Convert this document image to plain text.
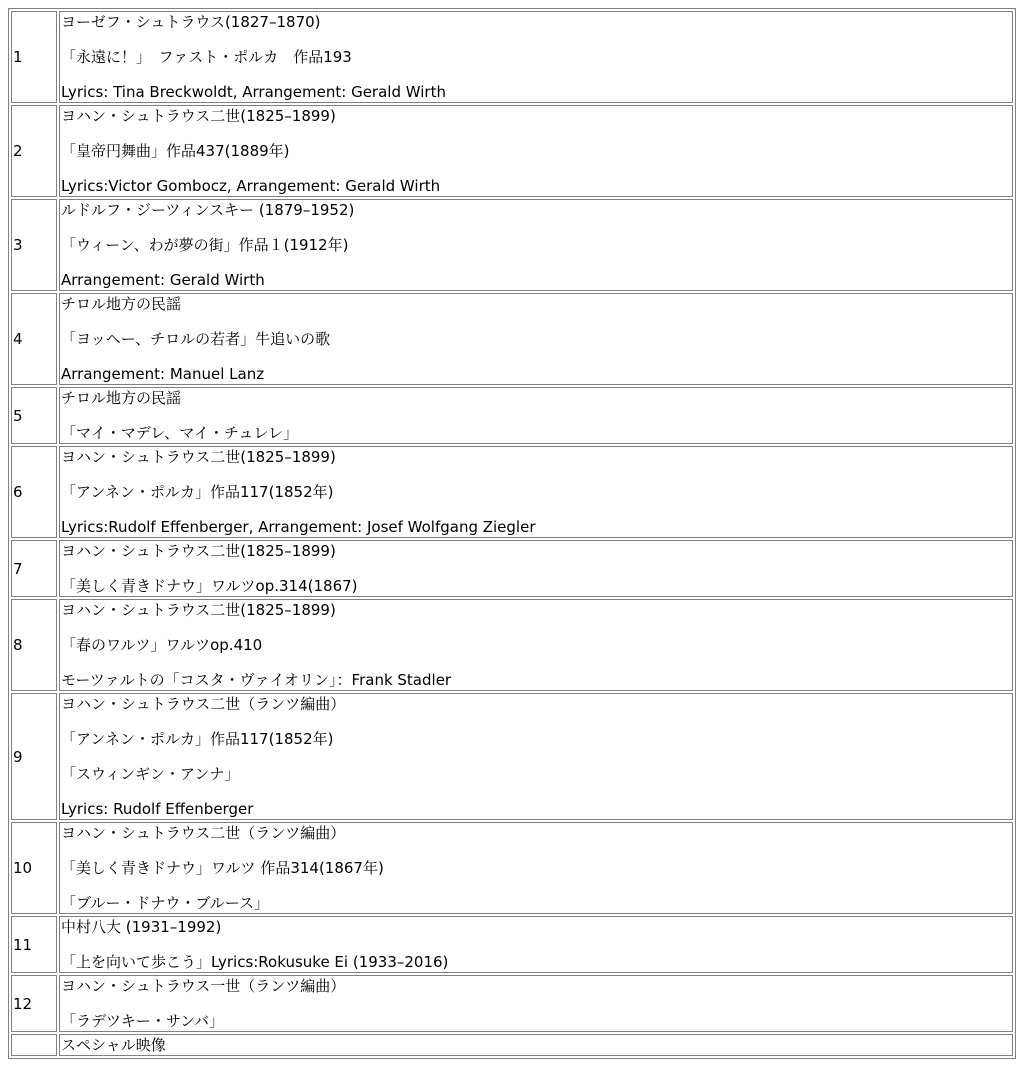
1	ヨーゼフ・シュトラウス(1827–1870)

「永遠に！」　ファスト・ポルカ　作品193

Lyrics: Tina Breckwoldt, Arrangement: Gerald Wirth

2	ヨハン・シュトラウス二世(1825–1899)

「皇帝円舞曲」作品437(1889年)

Lyrics:Victor Gombocz, Arrangement: Gerald Wirth

3	ルドルフ・ジーツィンスキー (1879–1952)

「ウィーン、わが夢の街」作品１(1912年)

Arrangement: Gerald Wirth

4	チロル地方の民謡

「ヨッヘー、チロルの若者」牛追いの歌

Arrangement: Manuel Lanz

5	チロル地方の民謡

「マイ・マデレ、マイ・チュレレ」

6	ヨハン・シュトラウス二世(1825–1899)

「アンネン・ポルカ」作品117(1852年)

Lyrics:Rudolf Effenberger, Arrangement: Josef Wolfgang Ziegler

7	ヨハン・シュトラウス二世(1825–1899)

「美しく青きドナウ」ワルツop.314(1867)

8	ヨハン・シュトラウス二世(1825–1899)

「春のワルツ」ワルツop.410

モーツァルトの「コスタ・ヴァイオリン」：Frank Stadler

9	ヨハン・シュトラウス二世（ランツ編曲）

「アンネン・ポルカ」作品117(1852年)

「スウィンギン・アンナ」

Lyrics: Rudolf Effenberger

10	ヨハン・シュトラウス二世（ランツ編曲）

「美しく青きドナウ」ワルツ 作品314(1867年)

「ブルー・ドナウ・ブルース」

11	中村八大 (1931–1992)

「上を向いて歩こう」Lyrics:Rokusuke Ei (1933–2016)

12	ヨハン・シュトラウス一世（ランツ編曲）

「ラデツキー・サンバ」

	スペシャル映像
